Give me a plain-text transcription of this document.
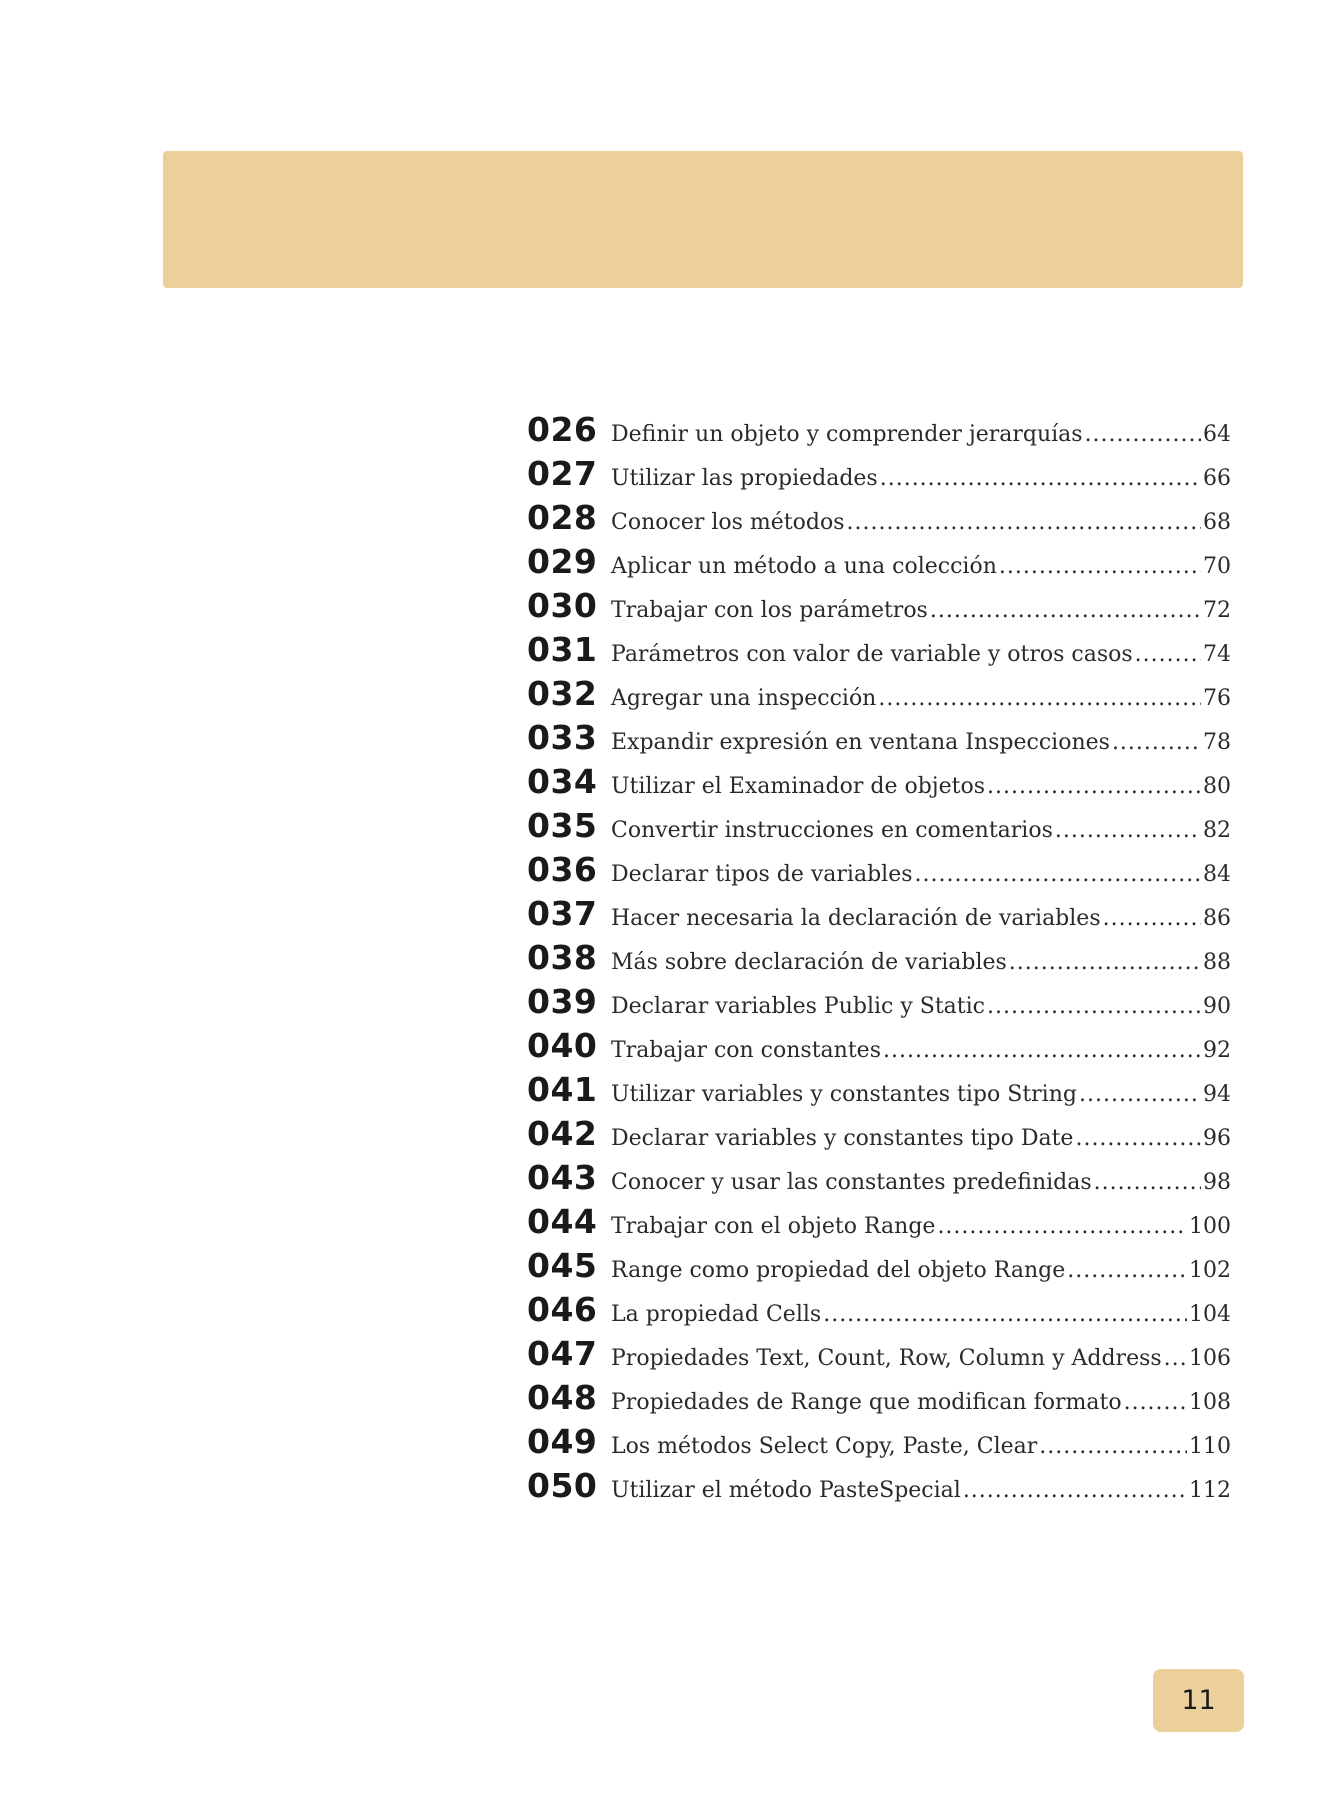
026 Definir un objeto y comprender jerarquías .....	64
027 Utilizar las propiedades .....	66
028 Conocer los métodos .....	68
029 Aplicar un método a una colección .....	70
030 Trabajar con los parámetros .....	72
031 Parámetros con valor de variable y otros casos .....	74
032 Agregar una inspección .....	76
033 Expandir expresión en ventana Inspecciones .....	78
034 Utilizar el Examinador de objetos .....	80
035 Convertir instrucciones en comentarios .....	82
036 Declarar tipos de variables .....	84
037 Hacer necesaria la declaración de variables .....	86
038 Más sobre declaración de variables .....	88
039 Declarar variables Public y Static .....	90
040 Trabajar con constantes .....	92
041 Utilizar variables y constantes tipo String .....	94
042 Declarar variables y constantes tipo Date .....	96
043 Conocer y usar las constantes predefinidas .....	98
044 Trabajar con el objeto Range .....	100
045 Range como propiedad del objeto Range .....	102
046 La propiedad Cells .....	104
047 Propiedades Text, Count, Row, Column y Address ..... 106
048 Propiedades de Range que modifican formato .....	108
049 Los métodos Select Copy, Paste, Clear .....	110
050 Utilizar el método PasteSpecial .....	112
11
